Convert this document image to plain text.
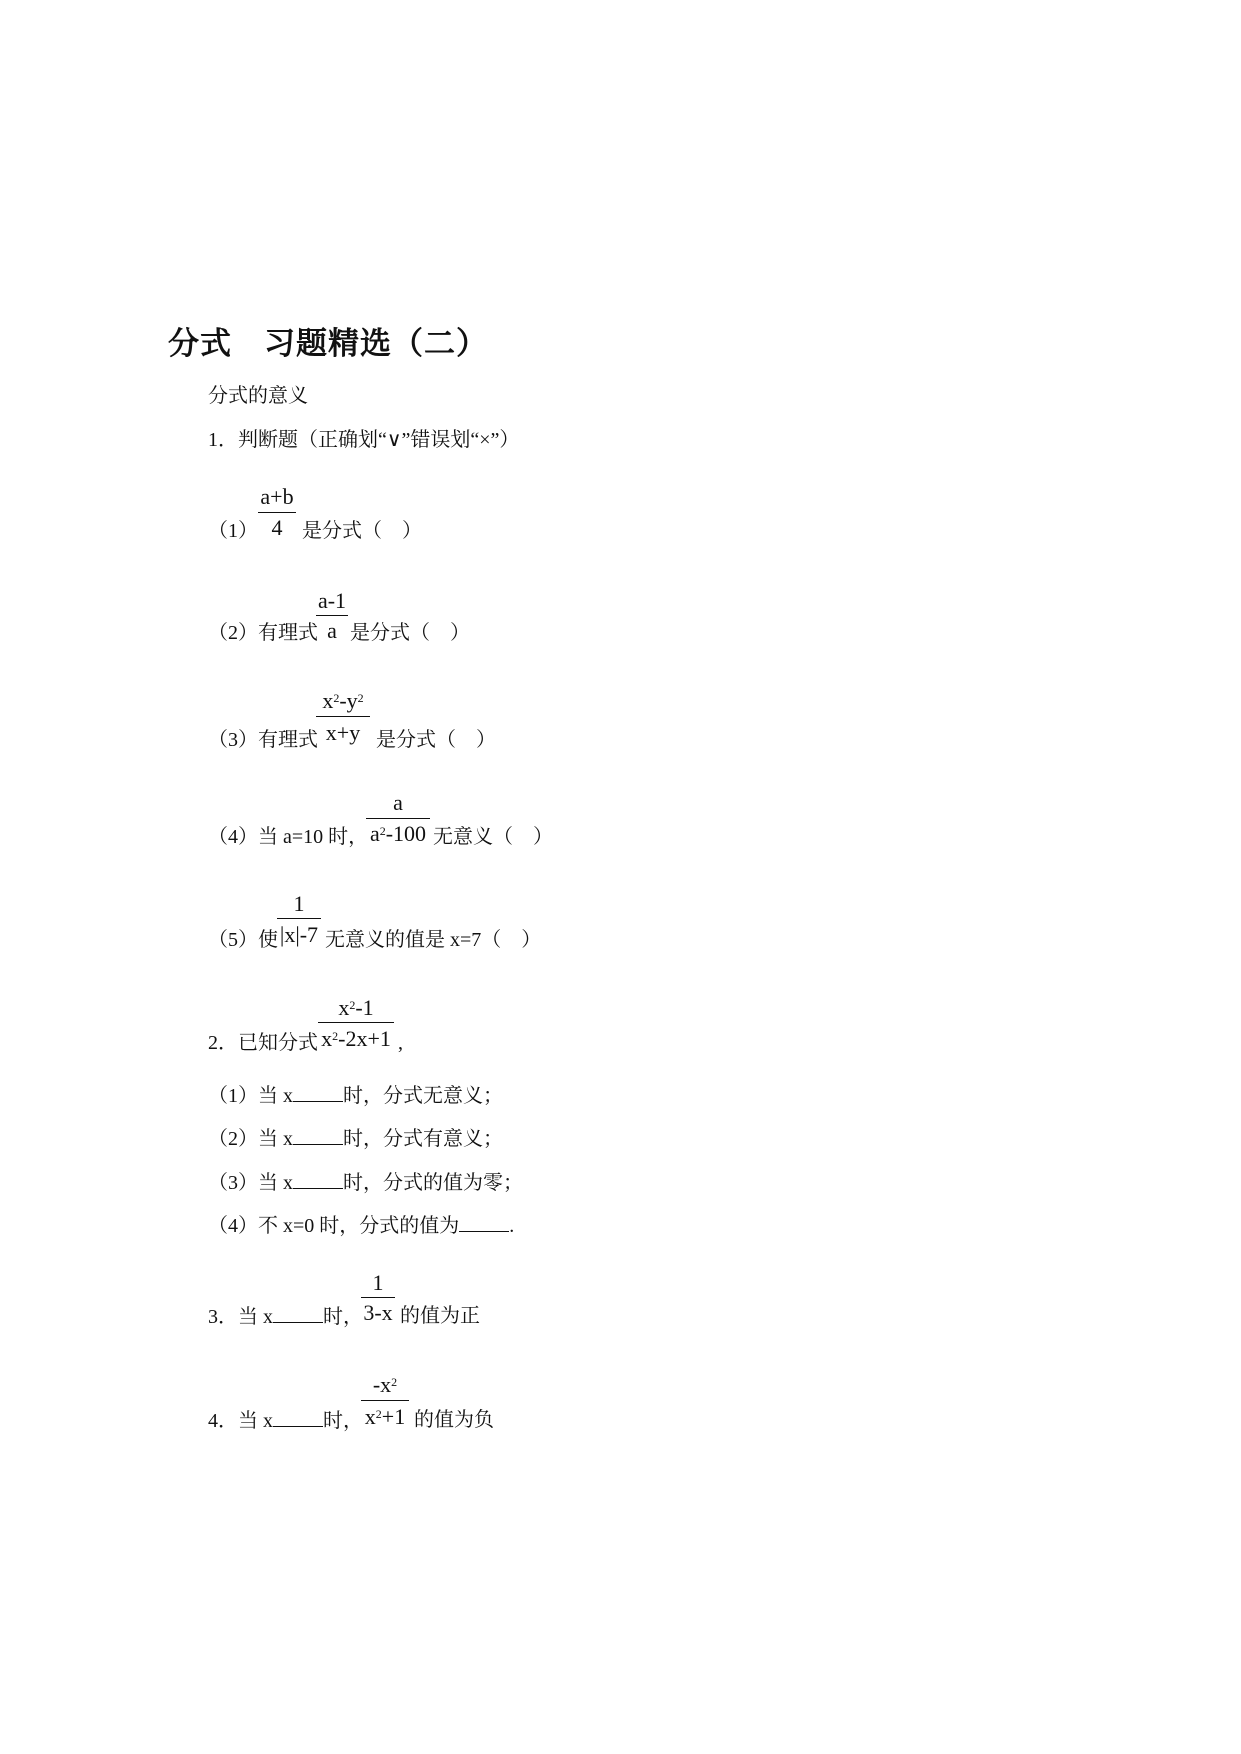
分式　习题精选（二）
分式的意义
1．判断题（正确划“∨”错误划“×”）
（1）
a+b
4 是分式（　）
（2）有理式
a-1
a 是分式（　）
（3）有理式
$x^2-y^2$
x+y 是分式（　）
（4）当 a=10 时，
a
$a^2-100$ 无意义（　）
（5）使
1
|x|-7 无意义的值是 x=7（　）
2．已知分式
$x^2-1$
$x^2-2x+1$ ,
（1）当 x	时，分式无意义；
（2）当 x	时，分式有意义；
（3）当 x	时，分式的值为零；
（4）不 x=0 时，分式的值为	.
3．当 x	时，
1
3-x 的值为正
4．当 x	时，
$-x^2$
$x^2+1$ 的值为负
